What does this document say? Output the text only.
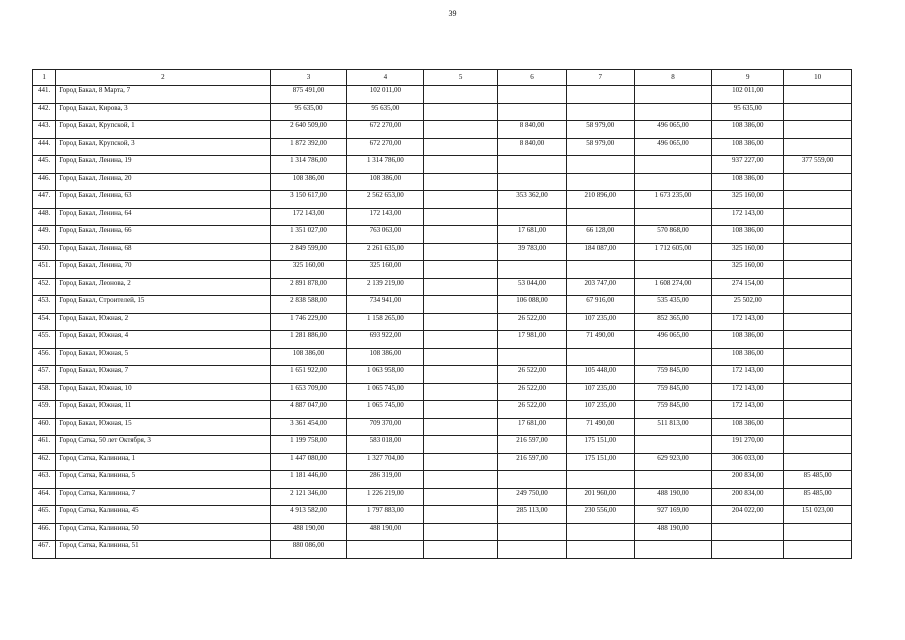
39
1	2	3	4	5	6	7	8	9	10
441.	Город Бакал, 8 Марта, 7	875 491,00	102 011,00					102 011,00	
442.	Город Бакал, Кирова, 3	95 635,00	95 635,00					95 635,00	
443.	Город Бакал, Крупской, 1	2 640 509,00	672 270,00		8 840,00	58 979,00	496 065,00	108 386,00	
444.	Город Бакал, Крупской, 3	1 872 392,00	672 270,00		8 840,00	58 979,00	496 065,00	108 386,00	
445.	Город Бакал, Ленина, 19	1 314 786,00	1 314 786,00					937 227,00	377 559,00
446.	Город Бакал, Ленина, 20	108 386,00	108 386,00					108 386,00	
447.	Город Бакал, Ленина, 63	3 150 617,00	2 562 653,00		353 362,00	210 896,00	1 673 235,00	325 160,00	
448.	Город Бакал, Ленина, 64	172 143,00	172 143,00					172 143,00	
449.	Город Бакал, Ленина, 66	1 351 027,00	763 063,00		17 681,00	66 128,00	570 868,00	108 386,00	
450.	Город Бакал, Ленина, 68	2 849 599,00	2 261 635,00		39 783,00	184 087,00	1 712 605,00	325 160,00	
451.	Город Бакал, Ленина, 70	325 160,00	325 160,00					325 160,00	
452.	Город Бакал, Леонова, 2	2 891 878,00	2 139 219,00		53 044,00	203 747,00	1 608 274,00	274 154,00	
453.	Город Бакал, Строителей, 15	2 838 588,00	734 941,00		106 088,00	67 916,00	535 435,00	25 502,00	
454.	Город Бакал, Южная, 2	1 746 229,00	1 158 265,00		26 522,00	107 235,00	852 365,00	172 143,00	
455.	Город Бакал, Южная, 4	1 281 886,00	693 922,00		17 981,00	71 490,00	496 065,00	108 386,00	
456.	Город Бакал, Южная, 5	108 386,00	108 386,00					108 386,00	
457.	Город Бакал, Южная, 7	1 651 922,00	1 063 958,00		26 522,00	105 448,00	759 845,00	172 143,00	
458.	Город Бакал, Южная, 10	1 653 709,00	1 065 745,00		26 522,00	107 235,00	759 845,00	172 143,00	
459.	Город Бакал, Южная, 11	4 887 047,00	1 065 745,00		26 522,00	107 235,00	759 845,00	172 143,00	
460.	Город Бакал, Южная, 15	3 361 454,00	709 370,00		17 681,00	71 490,00	511 813,00	108 386,00	
461.	Город Сатка, 50 лет Октября, 3	1 199 758,00	583 018,00		216 597,00	175 151,00		191 270,00	
462.	Город Сатка, Калинина, 1	1 447 080,00	1 327 704,00		216 597,00	175 151,00	629 923,00	306 033,00	
463.	Город Сатка, Калинина, 5	1 181 446,00	286 319,00					200 834,00	85 485,00
464.	Город Сатка, Калинина, 7	2 121 346,00	1 226 219,00		249 750,00	201 960,00	488 190,00	200 834,00	85 485,00
465.	Город Сатка, Калинина, 45	4 913 582,00	1 797 883,00		285 113,00	230 556,00	927 169,00	204 022,00	151 023,00
466.	Город Сатка, Калинина, 50	488 190,00	488 190,00				488 190,00		
467.	Город Сатка, Калинина, 51	880 086,00							
